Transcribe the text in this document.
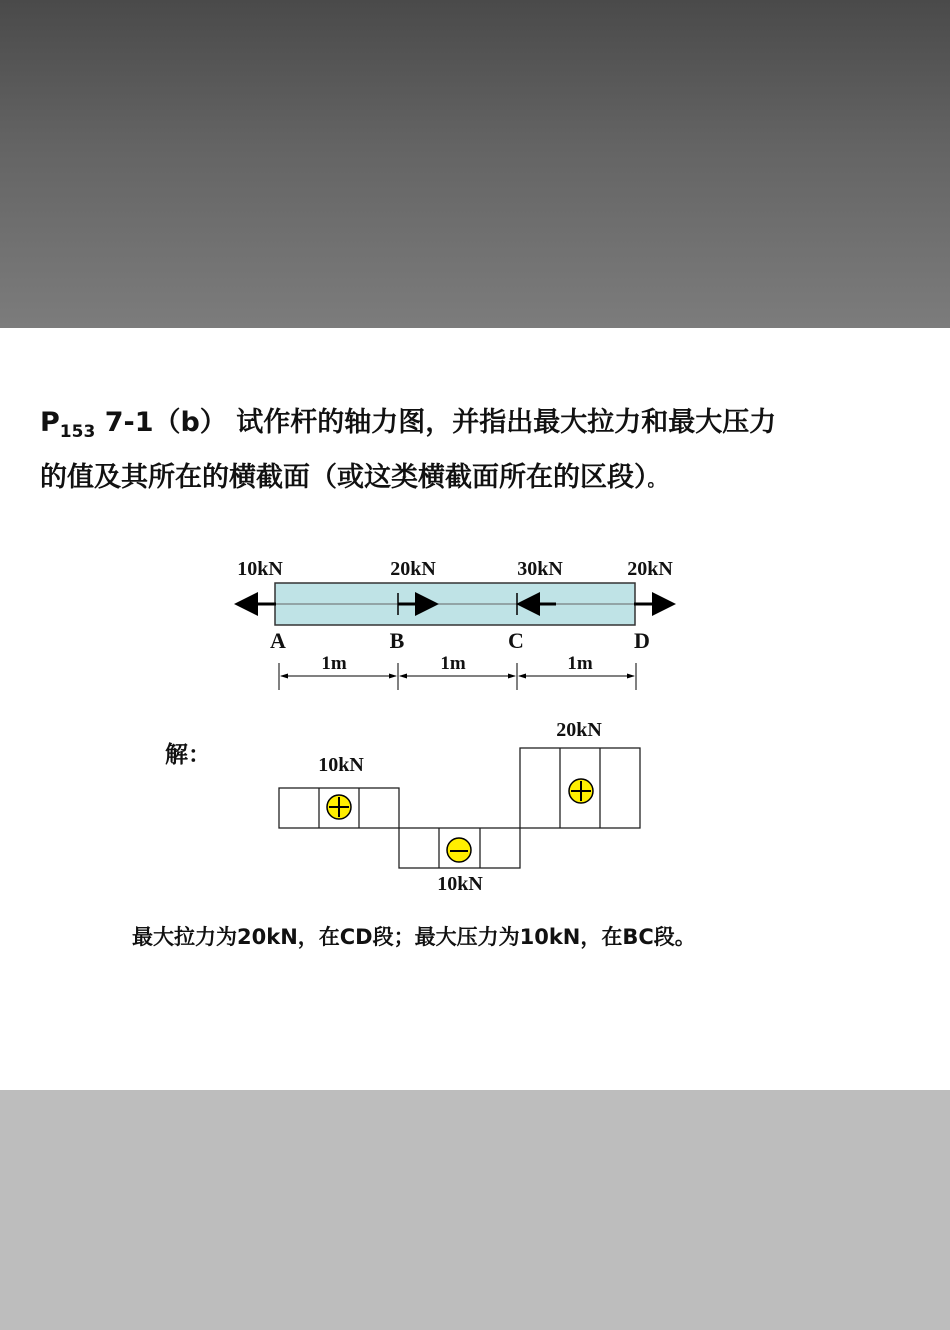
$P_{153}$ 7-1（b） 试作杆的轴力图，并指出最大拉力和最大压力
的值及其所在的横截面（或这类横截面所在的区段）。
10kN	20kN	30kN	20kN
A	B	C	D
1m	1m	1m
解：	10kN
10kN
20kN
最大拉力为20kN，在CD段；最大压力为10kN，在BC段。
